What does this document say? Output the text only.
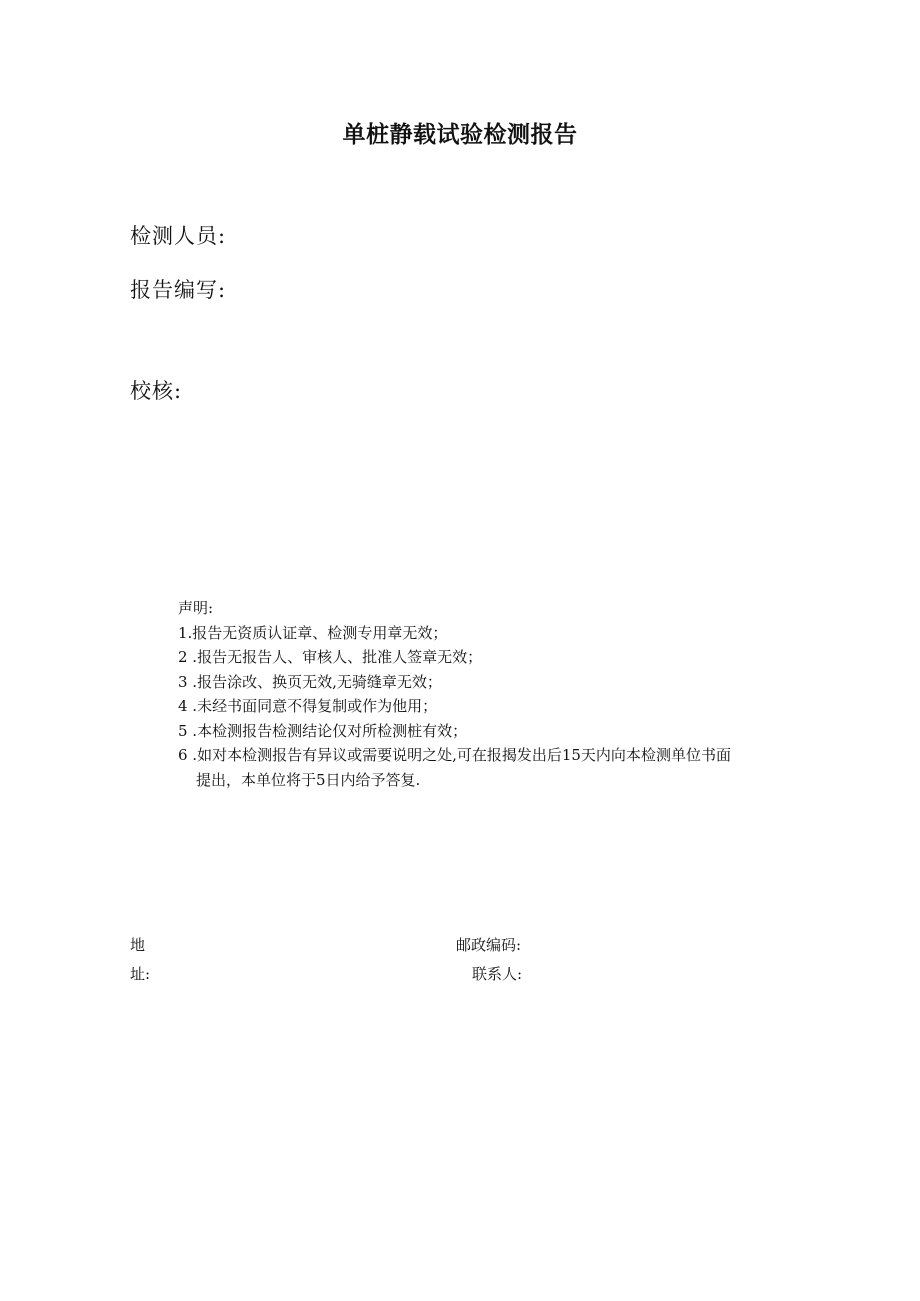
单桩静载试验检测报告
检测人员:
报告编写:
校核:
声明:
1.报告无资质认证章、检测专用章无效；
2 .报告无报告人、审核人、批准人签章无效；
3 .报告涂改、换页无效,无骑缝章无效；
4 .未经书面同意不得复制或作为他用；
5 .本检测报告检测结论仅对所检测桩有效；
6 .如对本检测报告有异议或需要说明之处,可在报揭发出后15天内向本检测单位书面
提出，本单位将于5日内给予答复.
地
址:
邮政编码:
联系人:
